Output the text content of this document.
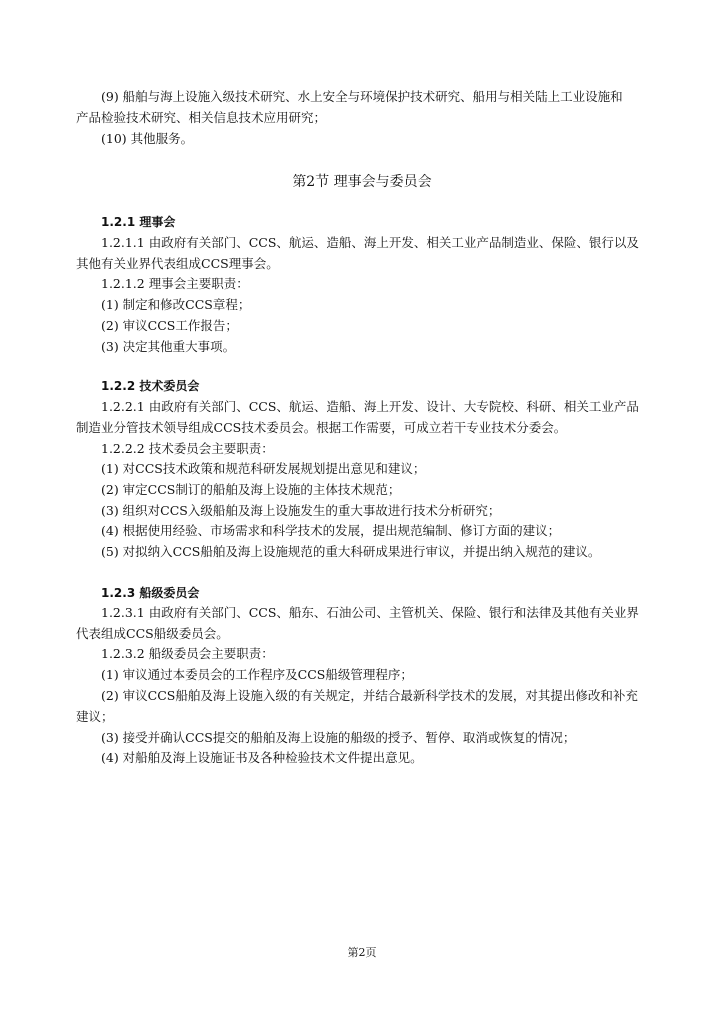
(9) 船舶与海上设施入级技术研究、水上安全与环境保护技术研究、船用与相关陆上工业设施和
产品检验技术研究、相关信息技术应用研究；
(10) 其他服务。
第2节 理事会与委员会
1.2.1 理事会
1.2.1.1 由政府有关部门、CCS、航运、造船、海上开发、相关工业产品制造业、保险、银行以及
其他有关业界代表组成CCS理事会。
1.2.1.2 理事会主要职责：
(1) 制定和修改CCS章程；
(2) 审议CCS工作报告；
(3) 决定其他重大事项。
1.2.2 技术委员会
1.2.2.1 由政府有关部门、CCS、航运、造船、海上开发、设计、大专院校、科研、相关工业产品
制造业分管技术领导组成CCS技术委员会。根据工作需要，可成立若干专业技术分委会。
1.2.2.2 技术委员会主要职责：
(1) 对CCS技术政策和规范科研发展规划提出意见和建议；
(2) 审定CCS制订的船舶及海上设施的主体技术规范；
(3) 组织对CCS入级船舶及海上设施发生的重大事故进行技术分析研究；
(4) 根据使用经验、市场需求和科学技术的发展，提出规范编制、修订方面的建议；
(5) 对拟纳入CCS船舶及海上设施规范的重大科研成果进行审议，并提出纳入规范的建议。
1.2.3 船级委员会
1.2.3.1 由政府有关部门、CCS、船东、石油公司、主管机关、保险、银行和法律及其他有关业界
代表组成CCS船级委员会。
1.2.3.2 船级委员会主要职责：
(1) 审议通过本委员会的工作程序及CCS船级管理程序；
(2) 审议CCS船舶及海上设施入级的有关规定，并结合最新科学技术的发展，对其提出修改和补充
建议；
(3) 接受并确认CCS提交的船舶及海上设施的船级的授予、暂停、取消或恢复的情况；
(4) 对船舶及海上设施证书及各种检验技术文件提出意见。
第2页
